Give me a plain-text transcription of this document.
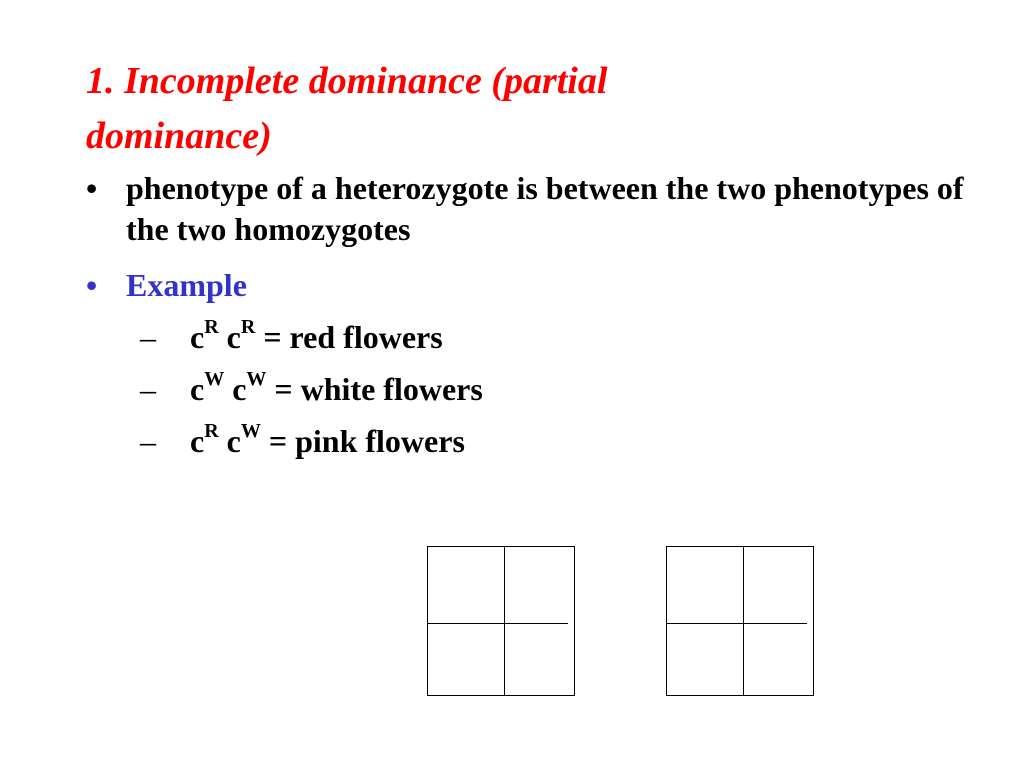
1. Incomplete dominance (partial
dominance)
• phenotype of a heterozygote is between the two phenotypes of the two homozygotes
• Example
– $c^R$ $c^R$ = red flowers
– $c^W$ $c^W$ = white flowers
– $c^R$ $c^W$ = pink flowers
